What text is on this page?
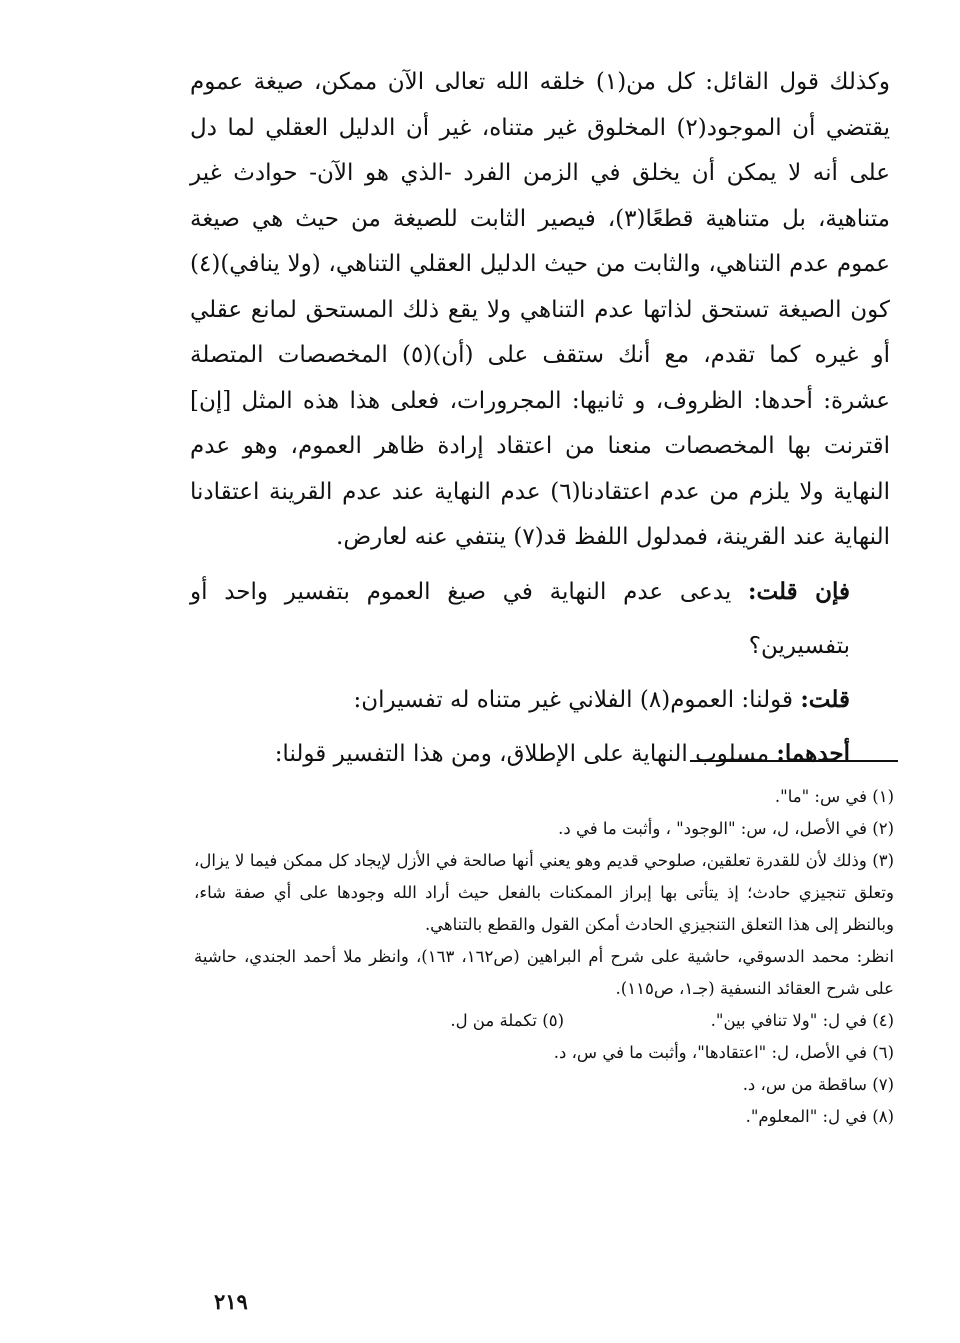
وكذلك قول القائل: كل من(١) خلقه الله تعالى الآن ممكن، صيغة عموم يقتضي أن الموجود(٢) المخلوق غير متناه، غير أن الدليل العقلي لما دل على أنه لا يمكن أن يخلق في الزمن الفرد -الذي هو الآن- حوادث غير متناهية، بل متناهية قطعًا(٣)، فيصير الثابت للصيغة من حيث هي صيغة عموم عدم التناهي، والثابت من حيث الدليل العقلي التناهي، (ولا ينافي)(٤) كون الصيغة تستحق لذاتها عدم التناهي ولا يقع ذلك المستحق لمانع عقلي أو غيره كما تقدم، مع أنك ستقف على (أن)(٥) المخصصات المتصلة عشرة: أحدها: الظروف، و ثانيها: المجرورات، فعلى هذا هذه المثل [إن] اقترنت بها المخصصات منعنا من اعتقاد إرادة ظاهر العموم، وهو عدم النهاية ولا يلزم من عدم اعتقادنا(٦) عدم النهاية عند عدم القرينة اعتقادنا النهاية عند القرينة، فمدلول اللفظ قد(٧) ينتفي عنه لعارض.

فإن قلت: يدعى عدم النهاية في صيغ العموم بتفسير واحد أو بتفسيرين؟

قلت: قولنا: العموم(٨) الفلاني غير متناه له تفسيران:

أحدهما: مسلوب النهاية على الإطلاق، ومن هذا التفسير قولنا:

(١) في س: "ما".

(٢) في الأصل، ل، س: "الوجود" ، وأثبت ما في د.

(٣) وذلك لأن للقدرة تعلقين، صلوحي قديم وهو يعني أنها صالحة في الأزل لإيجاد كل ممكن فيما لا يزال، وتعلق تنجيزي حادث؛ إذ يتأتى بها إبراز الممكنات بالفعل حيث أراد الله وجودها على أي صفة شاء، وبالنظر إلى هذا التعلق التنجيزي الحادث أمكن القول والقطع بالتناهي.

انظر: محمد الدسوقي، حاشية على شرح أم البراهين (ص١٦٢، ١٦٣)، وانظر ملا أحمد الجندي، حاشية على شرح العقائد النسفية (جـ١، ص١١٥).

(٤) في ل: "ولا تنافي بين".
(٥) تكملة من ل.

(٦) في الأصل، ل: "اعتقادها"، وأثبت ما في س، د.

(٧) ساقطة من س، د.

(٨) في ل: "المعلوم".

٢١٩
